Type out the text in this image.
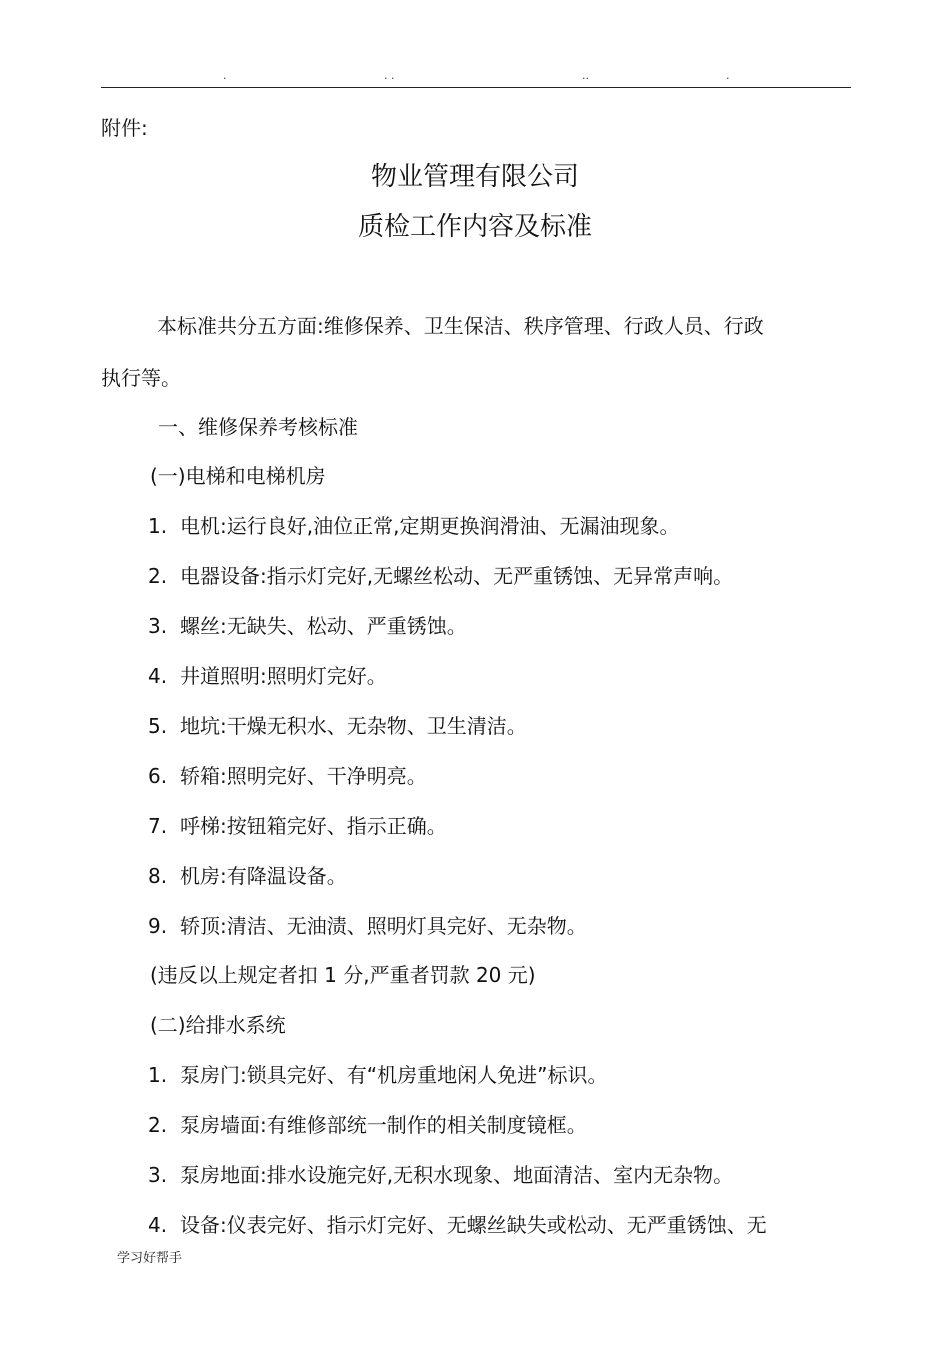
.	. .	..	.
附件:
物业管理有限公司
质检工作内容及标准
本标准共分五方面:维修保养、卫生保洁、秩序管理、行政人员、行政
执行等。
一、维修保养考核标准
(一)电梯和电梯机房
1. 电机:运行良好,油位正常,定期更换润滑油、无漏油现象。
2. 电器设备:指示灯完好,无螺丝松动、无严重锈蚀、无异常声响。
3. 螺丝:无缺失、松动、严重锈蚀。
4. 井道照明:照明灯完好。
5. 地坑:干燥无积水、无杂物、卫生清洁。
6. 轿箱:照明完好、干净明亮。
7. 呼梯:按钮箱完好、指示正确。
8. 机房:有降温设备。
9. 轿顶:清洁、无油渍、照明灯具完好、无杂物。
(违反以上规定者扣 1 分,严重者罚款 20 元)
(二)给排水系统
1. 泵房门:锁具完好、有“机房重地闲人免进”标识。
2. 泵房墙面:有维修部统一制作的相关制度镜框。
3. 泵房地面:排水设施完好,无积水现象、地面清洁、室内无杂物。
4. 设备:仪表完好、指示灯完好、无螺丝缺失或松动、无严重锈蚀、无
学习好帮手
